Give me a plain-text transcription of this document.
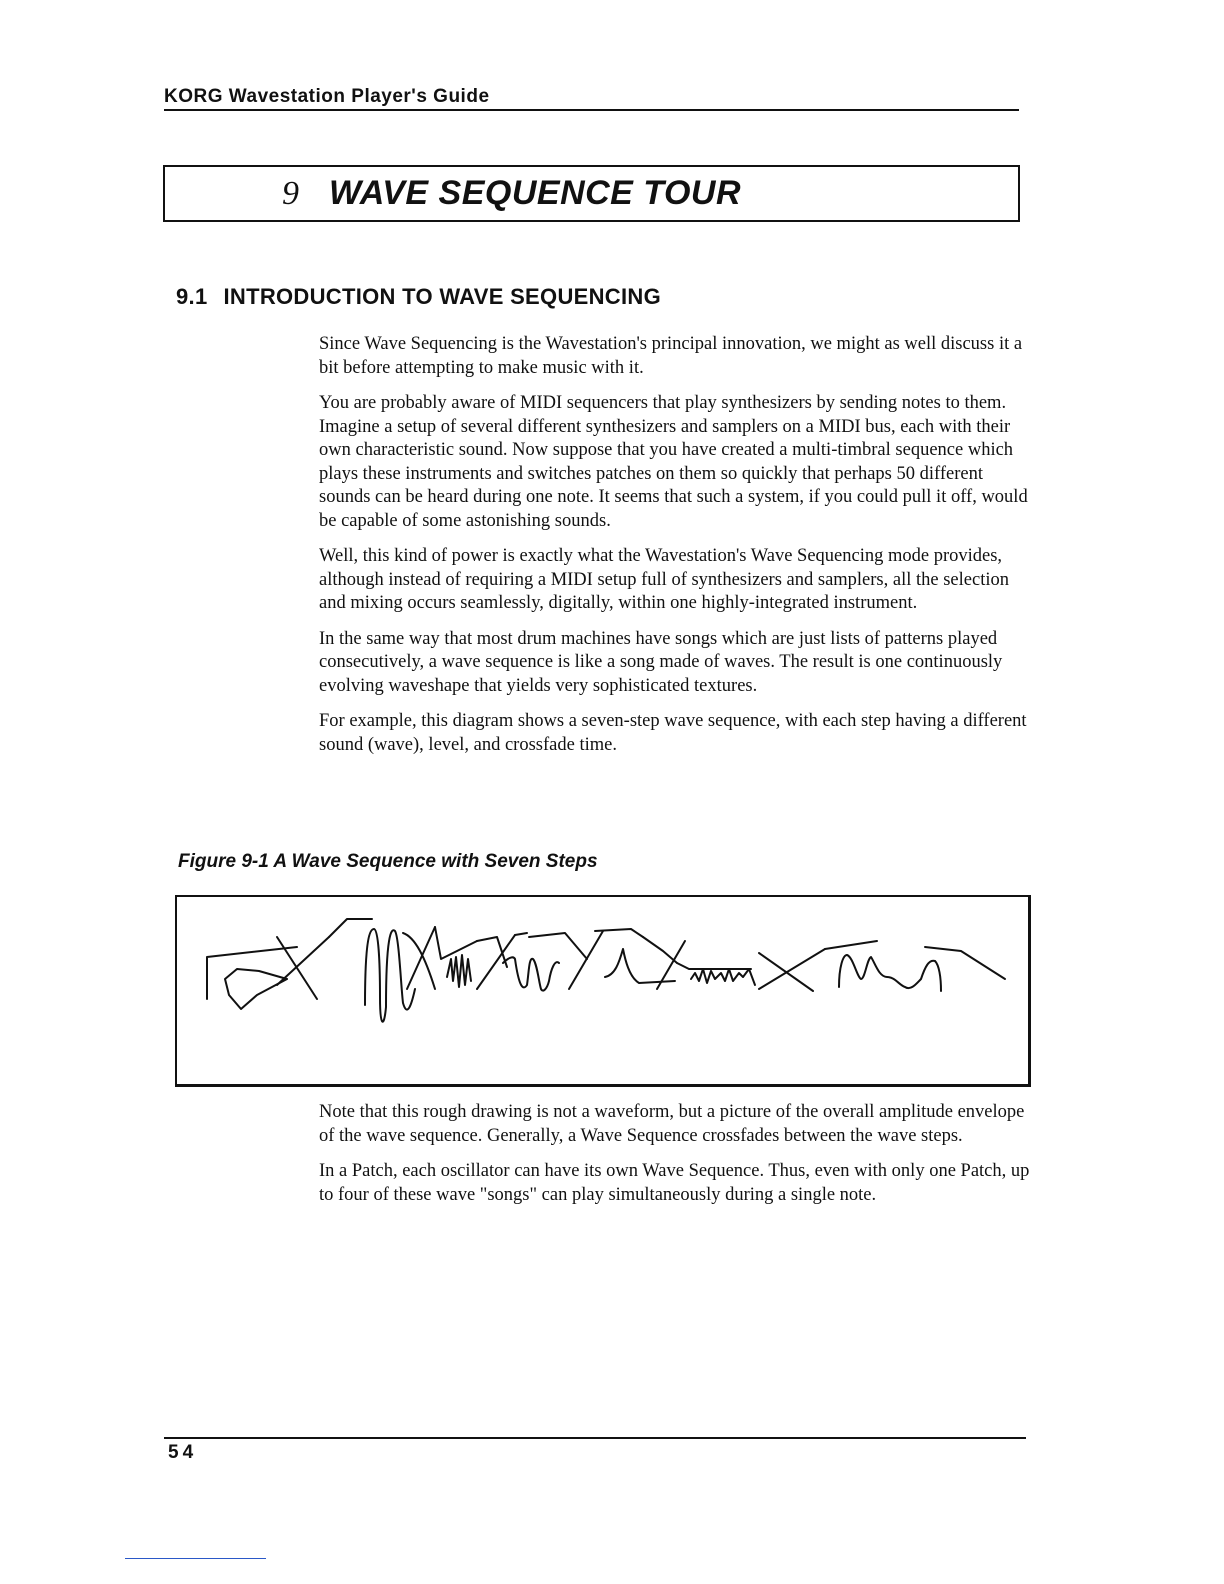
KORG Wavestation Player's Guide
9 WAVE SEQUENCE TOUR
9.1 INTRODUCTION TO WAVE SEQUENCING

Since Wave Sequencing is the Wavestation's principal innovation, we might as well discuss it a bit before attempting to make music with it.

You are probably aware of MIDI sequencers that play synthesizers by sending notes to them. Imagine a setup of several different synthesizers and samplers on a MIDI bus, each with their own characteristic sound. Now suppose that you have created a multi-timbral sequence which plays these instruments and switches patches on them so quickly that perhaps 50 different sounds can be heard during one note. It seems that such a system, if you could pull it off, would be capable of some astonishing sounds.

Well, this kind of power is exactly what the Wavestation's Wave Sequencing mode provides, although instead of requiring a MIDI setup full of synthesizers and samplers, all the selection and mixing occurs seamlessly, digitally, within one highly-integrated instrument.

In the same way that most drum machines have songs which are just lists of patterns played consecutively, a wave sequence is like a song made of waves. The result is one continuously evolving waveshape that yields very sophisticated textures.

For example, this diagram shows a seven-step wave sequence, with each step having a different sound (wave), level, and crossfade time.

Figure 9-1 A Wave Sequence with Seven Steps

Note that this rough drawing is not a waveform, but a picture of the overall amplitude envelope of the wave sequence. Generally, a Wave Sequence crossfades between the wave steps.

In a Patch, each oscillator can have its own Wave Sequence. Thus, even with only one Patch, up to four of these wave "songs" can play simultaneously during a single note.

54
